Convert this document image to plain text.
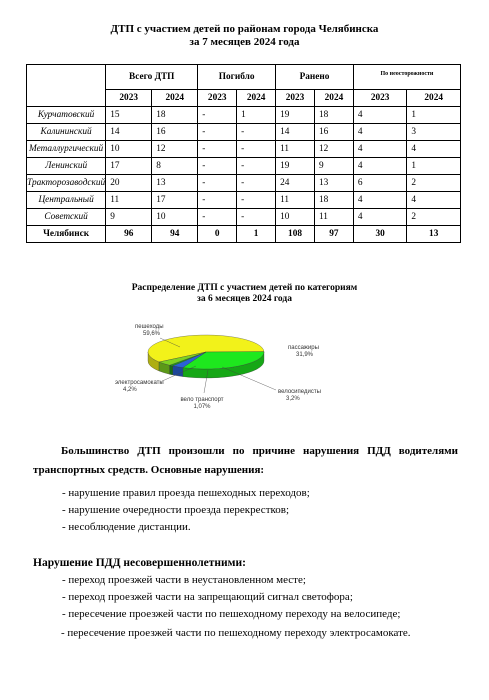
ДТП с участием детей по районам города Челябинска
за 7 месяцев 2024 года
	Всего ДТП		Погибло		Ранено		По неосторожности	
	2023	2024	2023	2024	2023	2024	2023	2024
Курчатовский	15	18	-	1	19	18	4	1
Калининский	14	16	-	-	14	16	4	3
Металлургический	10	12	-	-	11	12	4	4
Ленинский	17	8	-	-	19	9	4	1
Тракторозаводский	20	13	-	-	24	13	6	2
Центральный	11	17	-	-	11	18	4	4
Советский	9	10	-	-	10	11	4	2
Челябинск	96	94	0	1	108	97	30	13
Распределение ДТП с участием детей по категориям
за 6 месяцев 2024 года
пешеходы
59,6%
пассажиры
31,9%
велосипедисты
3,2%
вело транспорт
1,07%
электросамокаты
4,2%
Большинство ДТП произошли по причине нарушения ПДД водителями транспортных средств. Основные нарушения:
- нарушение правил проезда пешеходных переходов;
- нарушение очередности проезда перекрестков;
- несоблюдение дистанции.
Нарушение ПДД несовершеннолетними:
- переход проезжей части в неустановленном месте;
- переход проезжей части на запрещающий сигнал светофора;
- пересечение проезжей части по пешеходному переходу на велосипеде;
- пересечение проезжей части по пешеходному переходу электросамокате.
